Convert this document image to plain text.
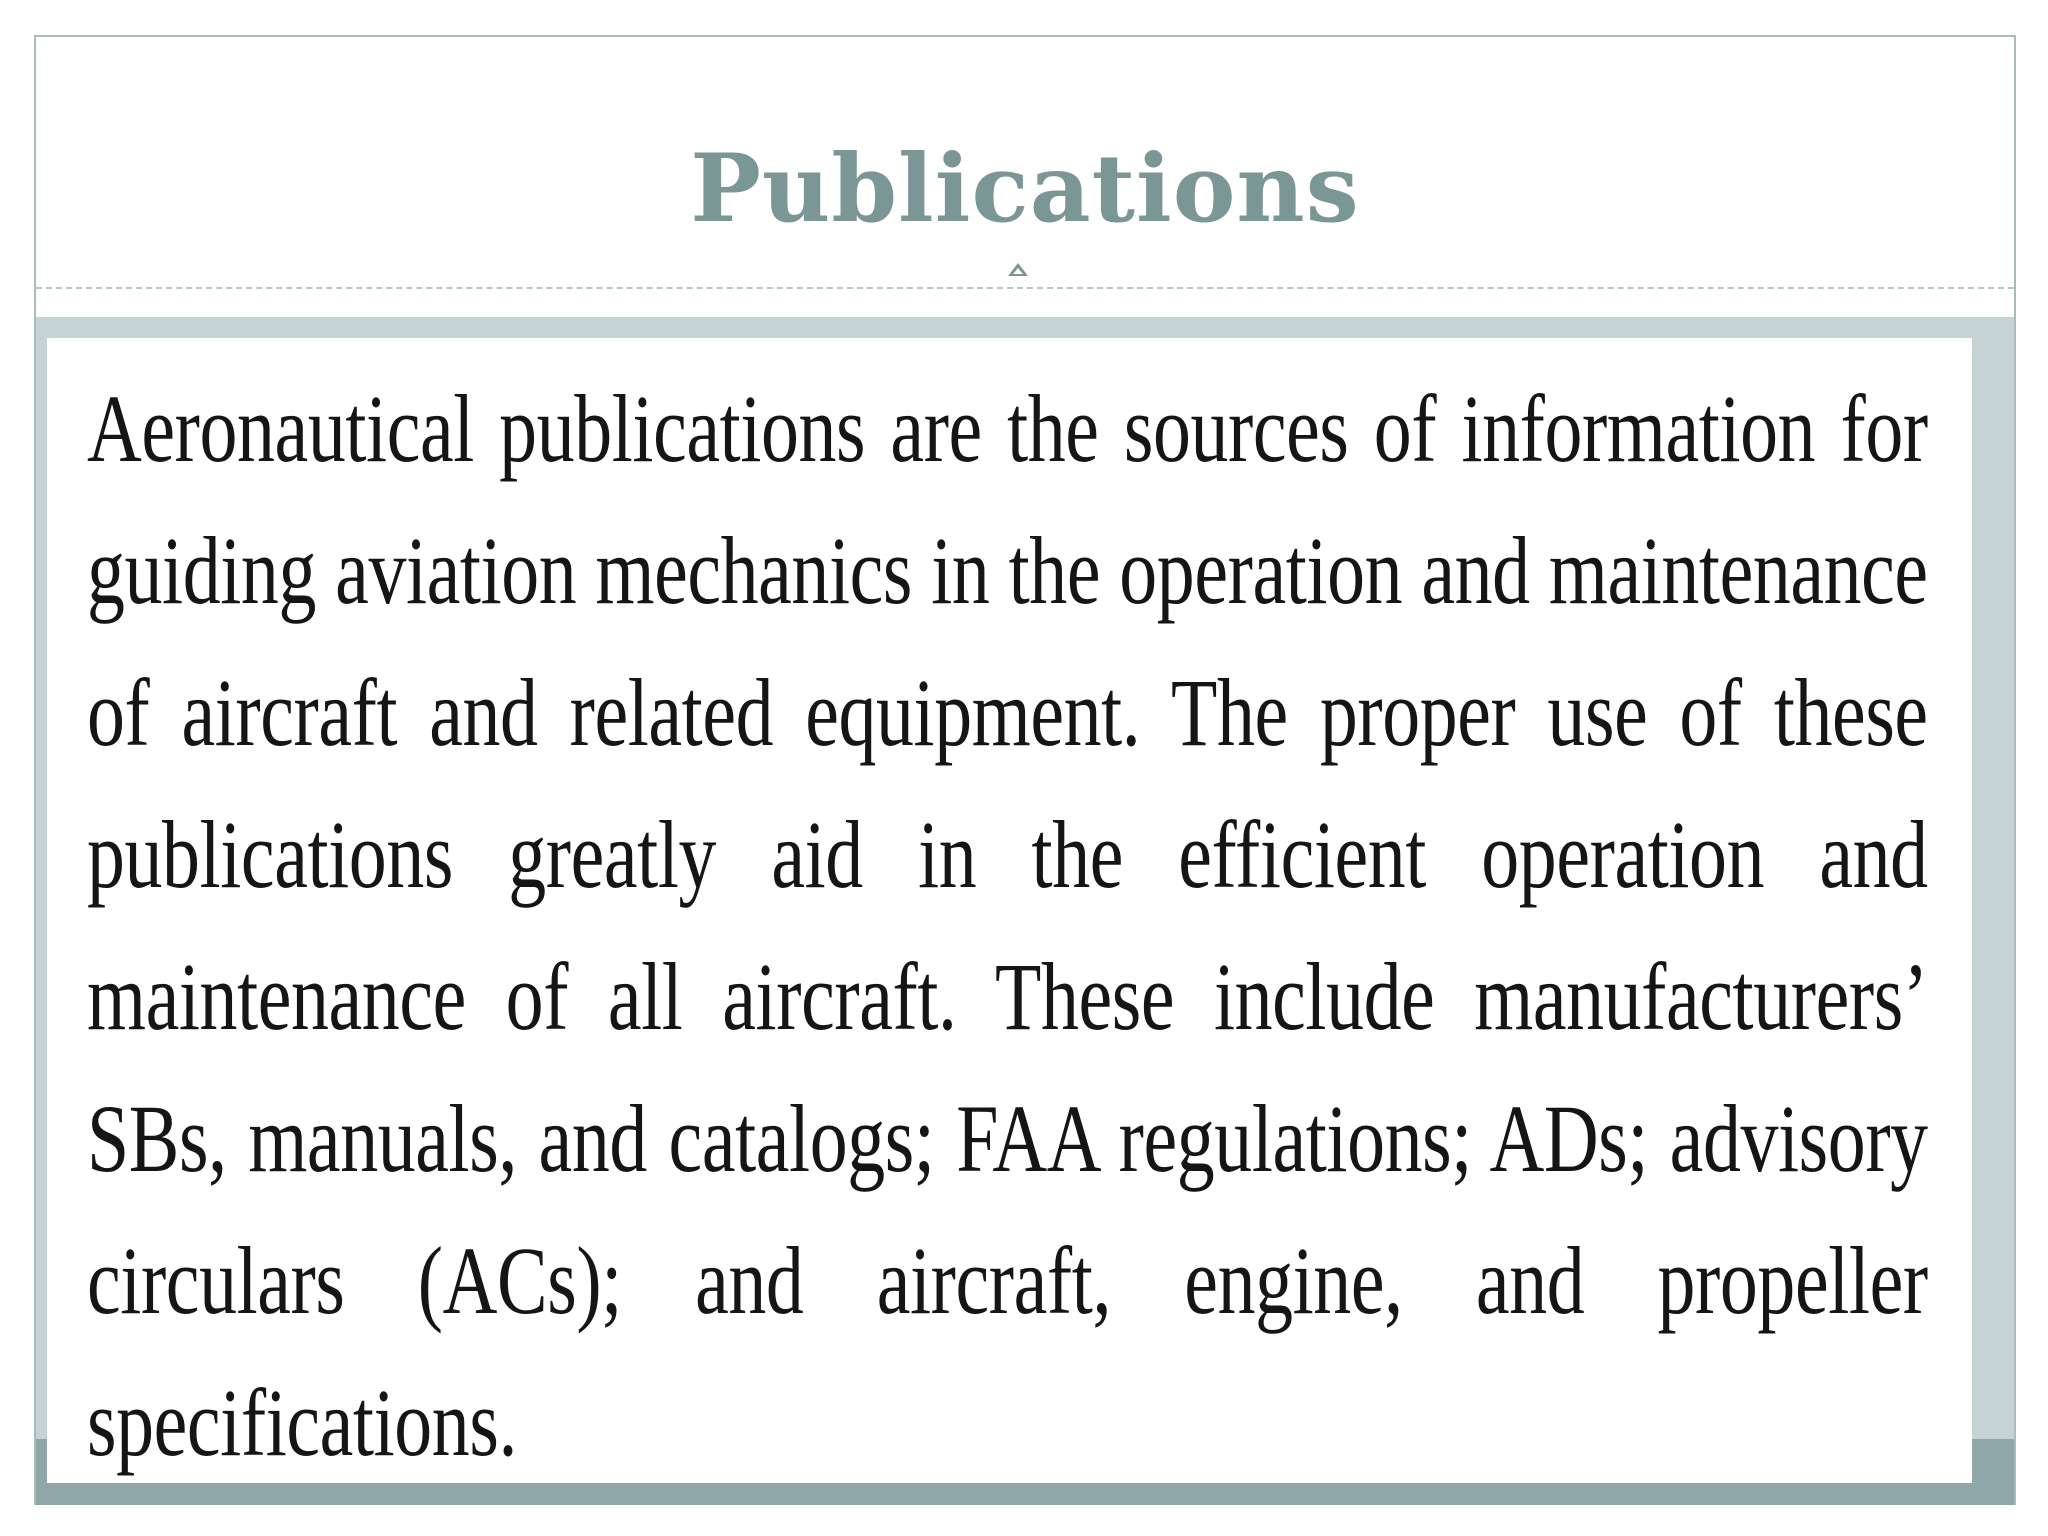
Publications

Aeronautical publications are the sources of information for guiding aviation mechanics in the operation and maintenance of aircraft and related equipment. The proper use of these publications greatly aid in the efficient operation and maintenance of all aircraft. These include manufacturers’ SBs, manuals, and catalogs; FAA regulations; ADs; advisory circulars (ACs); and aircraft, engine, and propeller specifications.
